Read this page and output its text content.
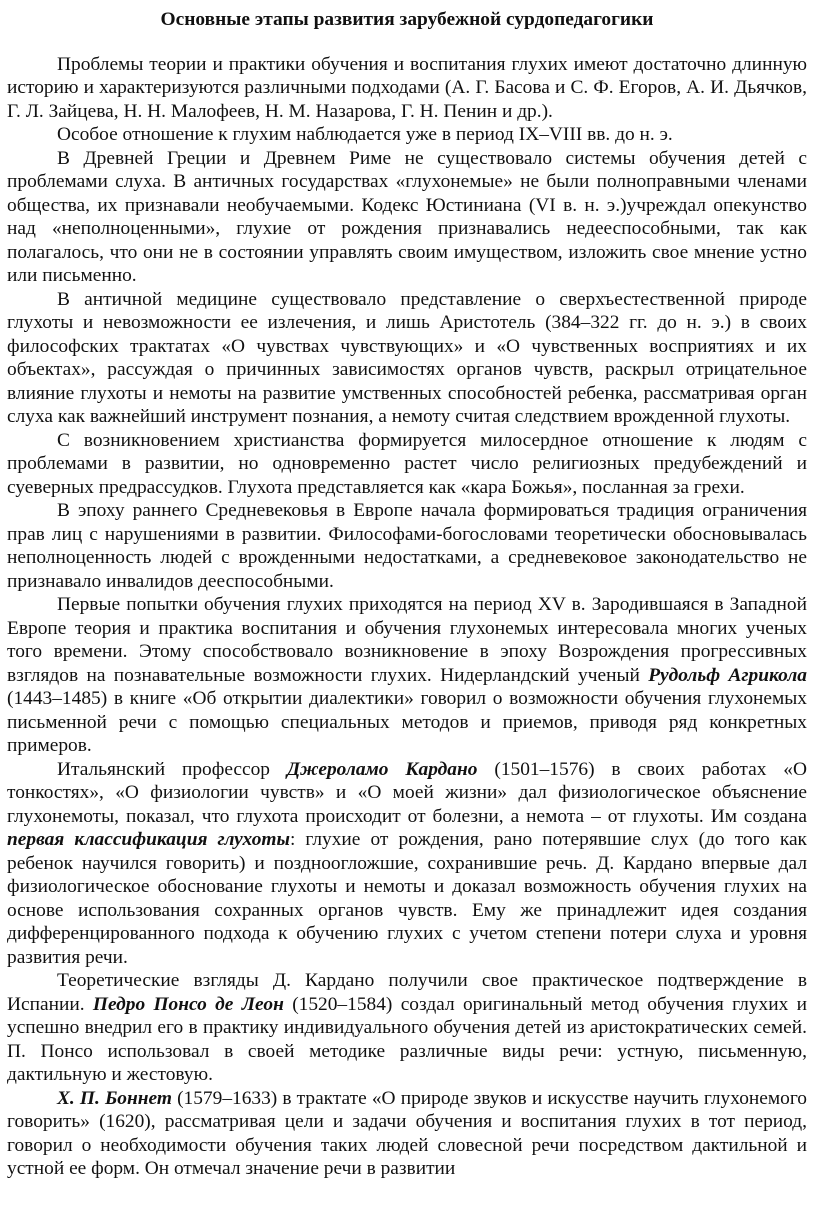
Основные этапы развития зарубежной сурдопедагогики

Проблемы теории и практики обучения и воспитания глухих имеют достаточно длинную историю и характеризуются различными подходами (А. Г. Басова и С. Ф. Егоров, А. И. Дьячков, Г. Л. Зайцева, Н. Н. Малофеев, Н. М. Назарова, Г. Н. Пенин и др.).

Особое отношение к глухим наблюдается уже в период IX–VIII вв. до н. э.

В Древней Греции и Древнем Риме не существовало системы обучения детей с проблемами слуха. В античных государствах «глухонемые» не были полноправными членами общества, их признавали необучаемыми. Кодекс Юстиниана (VI в. н. э.)учреждал опекунство над «неполноценными», глухие от рождения признавались недееспособными, так как полагалось, что они не в состоянии управлять своим имуществом, изложить свое мнение устно или письменно.

В античной медицине существовало представление о сверхъестественной природе глухоты и невозможности ее излечения, и лишь Аристотель (384–322 гг. до н. э.) в своих философских трактатах «О чувствах чувствующих» и «О чувственных восприятиях и их объектах», рассуждая о причинных зависимостях органов чувств, раскрыл отрицательное влияние глухоты и немоты на развитие умственных способностей ребенка, рассматривая орган слуха как важнейший инструмент познания, а немоту считая следствием врожденной глухоты.

С возникновением христианства формируется милосердное отношение к людям с проблемами в развитии, но одновременно растет число религиозных предубеждений и суеверных предрассудков. Глухота представляется как «кара Божья», посланная за грехи.

В эпоху раннего Средневековья в Европе начала формироваться традиция ограничения прав лиц с нарушениями в развитии. Философами-богословами теоретически обосновывалась неполноценность людей с врожденными недостатками, а средневековое законодательство не признавало инвалидов дееспособными.

Первые попытки обучения глухих приходятся на период XV в. Зародившаяся в Западной Европе теория и практика воспитания и обучения глухонемых интересовала многих ученых того времени. Этому способствовало возникновение в эпоху Возрождения прогрессивных взглядов на познавательные возможности глухих. Нидерландский ученый Рудольф Агрикола (1443–1485) в книге «Об открытии диалектики» говорил о возможности обучения глухонемых письменной речи с помощью специальных методов и приемов, приводя ряд конкретных примеров.

Итальянский профессор Джероламо Кардано (1501–1576) в своих работах «О тонкостях», «О физиологии чувств» и «О моей жизни» дал физиологическое объяснение глухонемоты, показал, что глухота происходит от болезни, а немота – от глухоты. Им создана первая классификация глухоты: глухие от рождения, рано потерявшие слух (до того как ребенок научился говорить) и поздноогложшие, сохранившие речь. Д. Кардано впервые дал физиологическое обоснование глухоты и немоты и доказал возможность обучения глухих на основе использования сохранных органов чувств. Ему же принадлежит идея создания дифференцированного подхода к обучению глухих с учетом степени потери слуха и уровня развития речи.

Теоретические взгляды Д. Кардано получили свое практическое подтверждение в Испании. Педро Понсо де Леон (1520–1584) создал оригинальный метод обучения глухих и успешно внедрил его в практику индивидуального обучения детей из аристократических семей. П. Понсо использовал в своей методике различные виды речи: устную, письменную, дактильную и жестовую.

Х. П. Боннет (1579–1633) в трактате «О природе звуков и искусстве научить глухонемого говорить» (1620), рассматривая цели и задачи обучения и воспитания глухих в тот период, говорил о необходимости обучения таких людей словесной речи посредством дактильной и устной ее форм. Он отмечал значение речи в развитии
